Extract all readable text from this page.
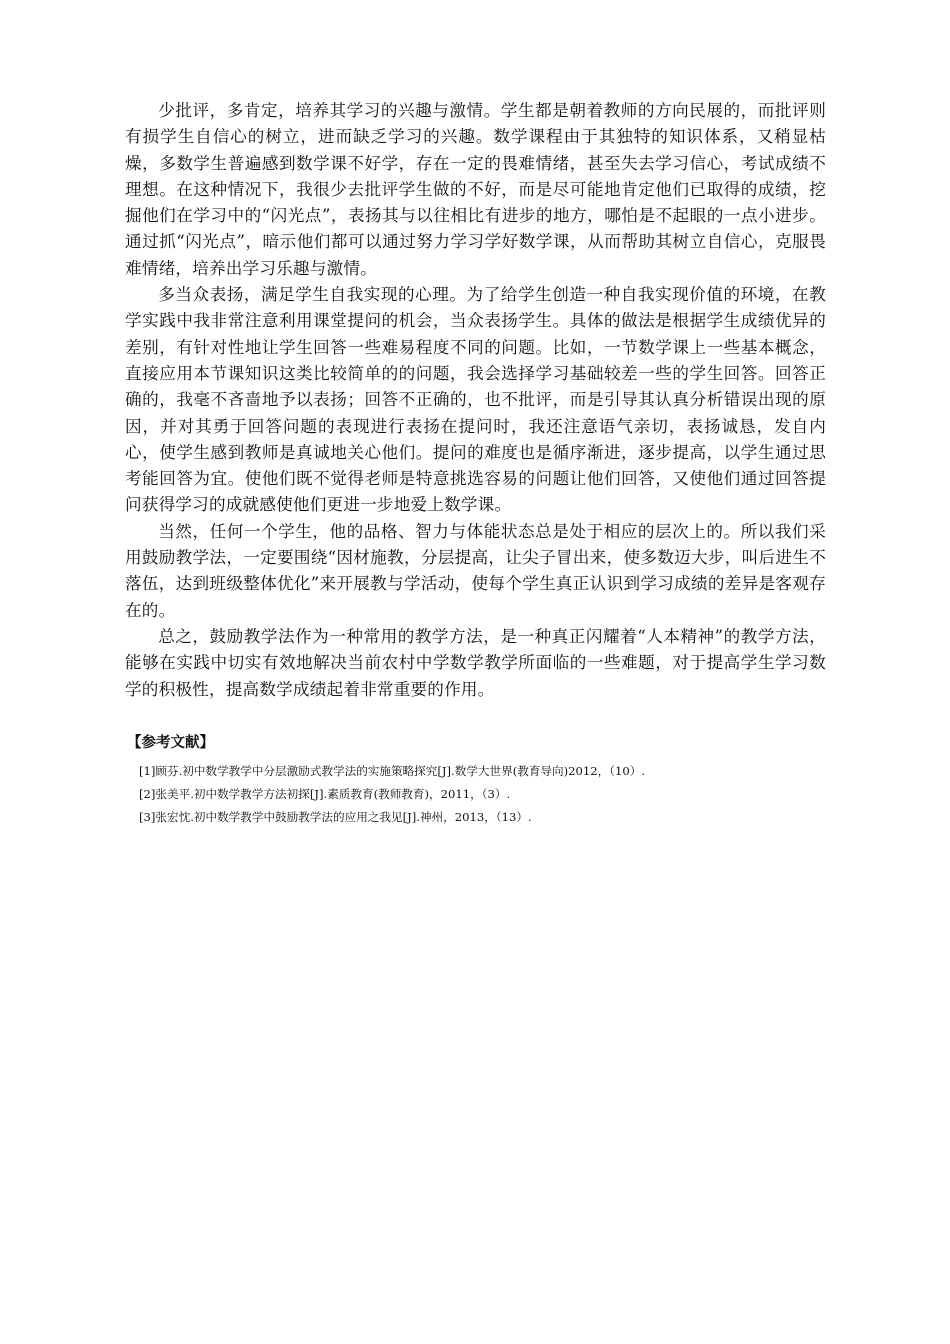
少批评，多肯定，培养其学习的兴趣与激情。学生都是朝着教师的方向民展的，而批评则有损学生自信心的树立，进而缺乏学习的兴趣。数学课程由于其独特的知识体系，又稍显枯燥，多数学生普遍感到数学课不好学，存在一定的畏难情绪，甚至失去学习信心，考试成绩不理想。在这种情况下，我很少去批评学生做的不好，而是尽可能地肯定他们已取得的成绩，挖掘他们在学习中的“闪光点”，表扬其与以往相比有进步的地方，哪怕是不起眼的一点小进步。通过抓“闪光点”，暗示他们都可以通过努力学习学好数学课，从而帮助其树立自信心，克服畏难情绪，培养出学习乐趣与激情。

多当众表扬，满足学生自我实现的心理。为了给学生创造一种自我实现价值的环境，在教学实践中我非常注意利用课堂提问的机会，当众表扬学生。具体的做法是根据学生成绩优异的差别，有针对性地让学生回答一些难易程度不同的问题。比如，一节数学课上一些基本概念，直接应用本节课知识这类比较简单的的问题，我会选择学习基础较差一些的学生回答。回答正确的，我毫不吝啬地予以表扬；回答不正确的，也不批评，而是引导其认真分析错误出现的原因，并对其勇于回答问题的表现进行表扬在提问时，我还注意语气亲切，表扬诚恳，发自内心，使学生感到教师是真诚地关心他们。提问的难度也是循序渐进，逐步提高，以学生通过思考能回答为宜。使他们既不觉得老师是特意挑选容易的问题让他们回答，又使他们通过回答提问获得学习的成就感使他们更进一步地爱上数学课。

当然，任何一个学生，他的品格、智力与体能状态总是处于相应的层次上的。所以我们采用鼓励教学法，一定要围绕“因材施教，分层提高，让尖子冒出来，使多数迈大步，叫后进生不落伍，达到班级整体优化”来开展教与学活动，使每个学生真正认识到学习成绩的差异是客观存在的。

总之，鼓励教学法作为一种常用的教学方法，是一种真正闪耀着“人本精神”的教学方法，能够在实践中切实有效地解决当前农村中学数学教学所面临的一些难题，对于提高学生学习数学的积极性，提高数学成绩起着非常重要的作用。

【参考文献】
[1]顾芬.初中数学教学中分层激励式教学法的实施策略探究[J].数学大世界(教育导向)2012，（10）.
[2]张美平.初中数学教学方法初探[J].素质教育(教师教育)，2011，（3）.
[3]张宏忱.初中数学教学中鼓励教学法的应用之我见[J].神州，2013，（13）.
